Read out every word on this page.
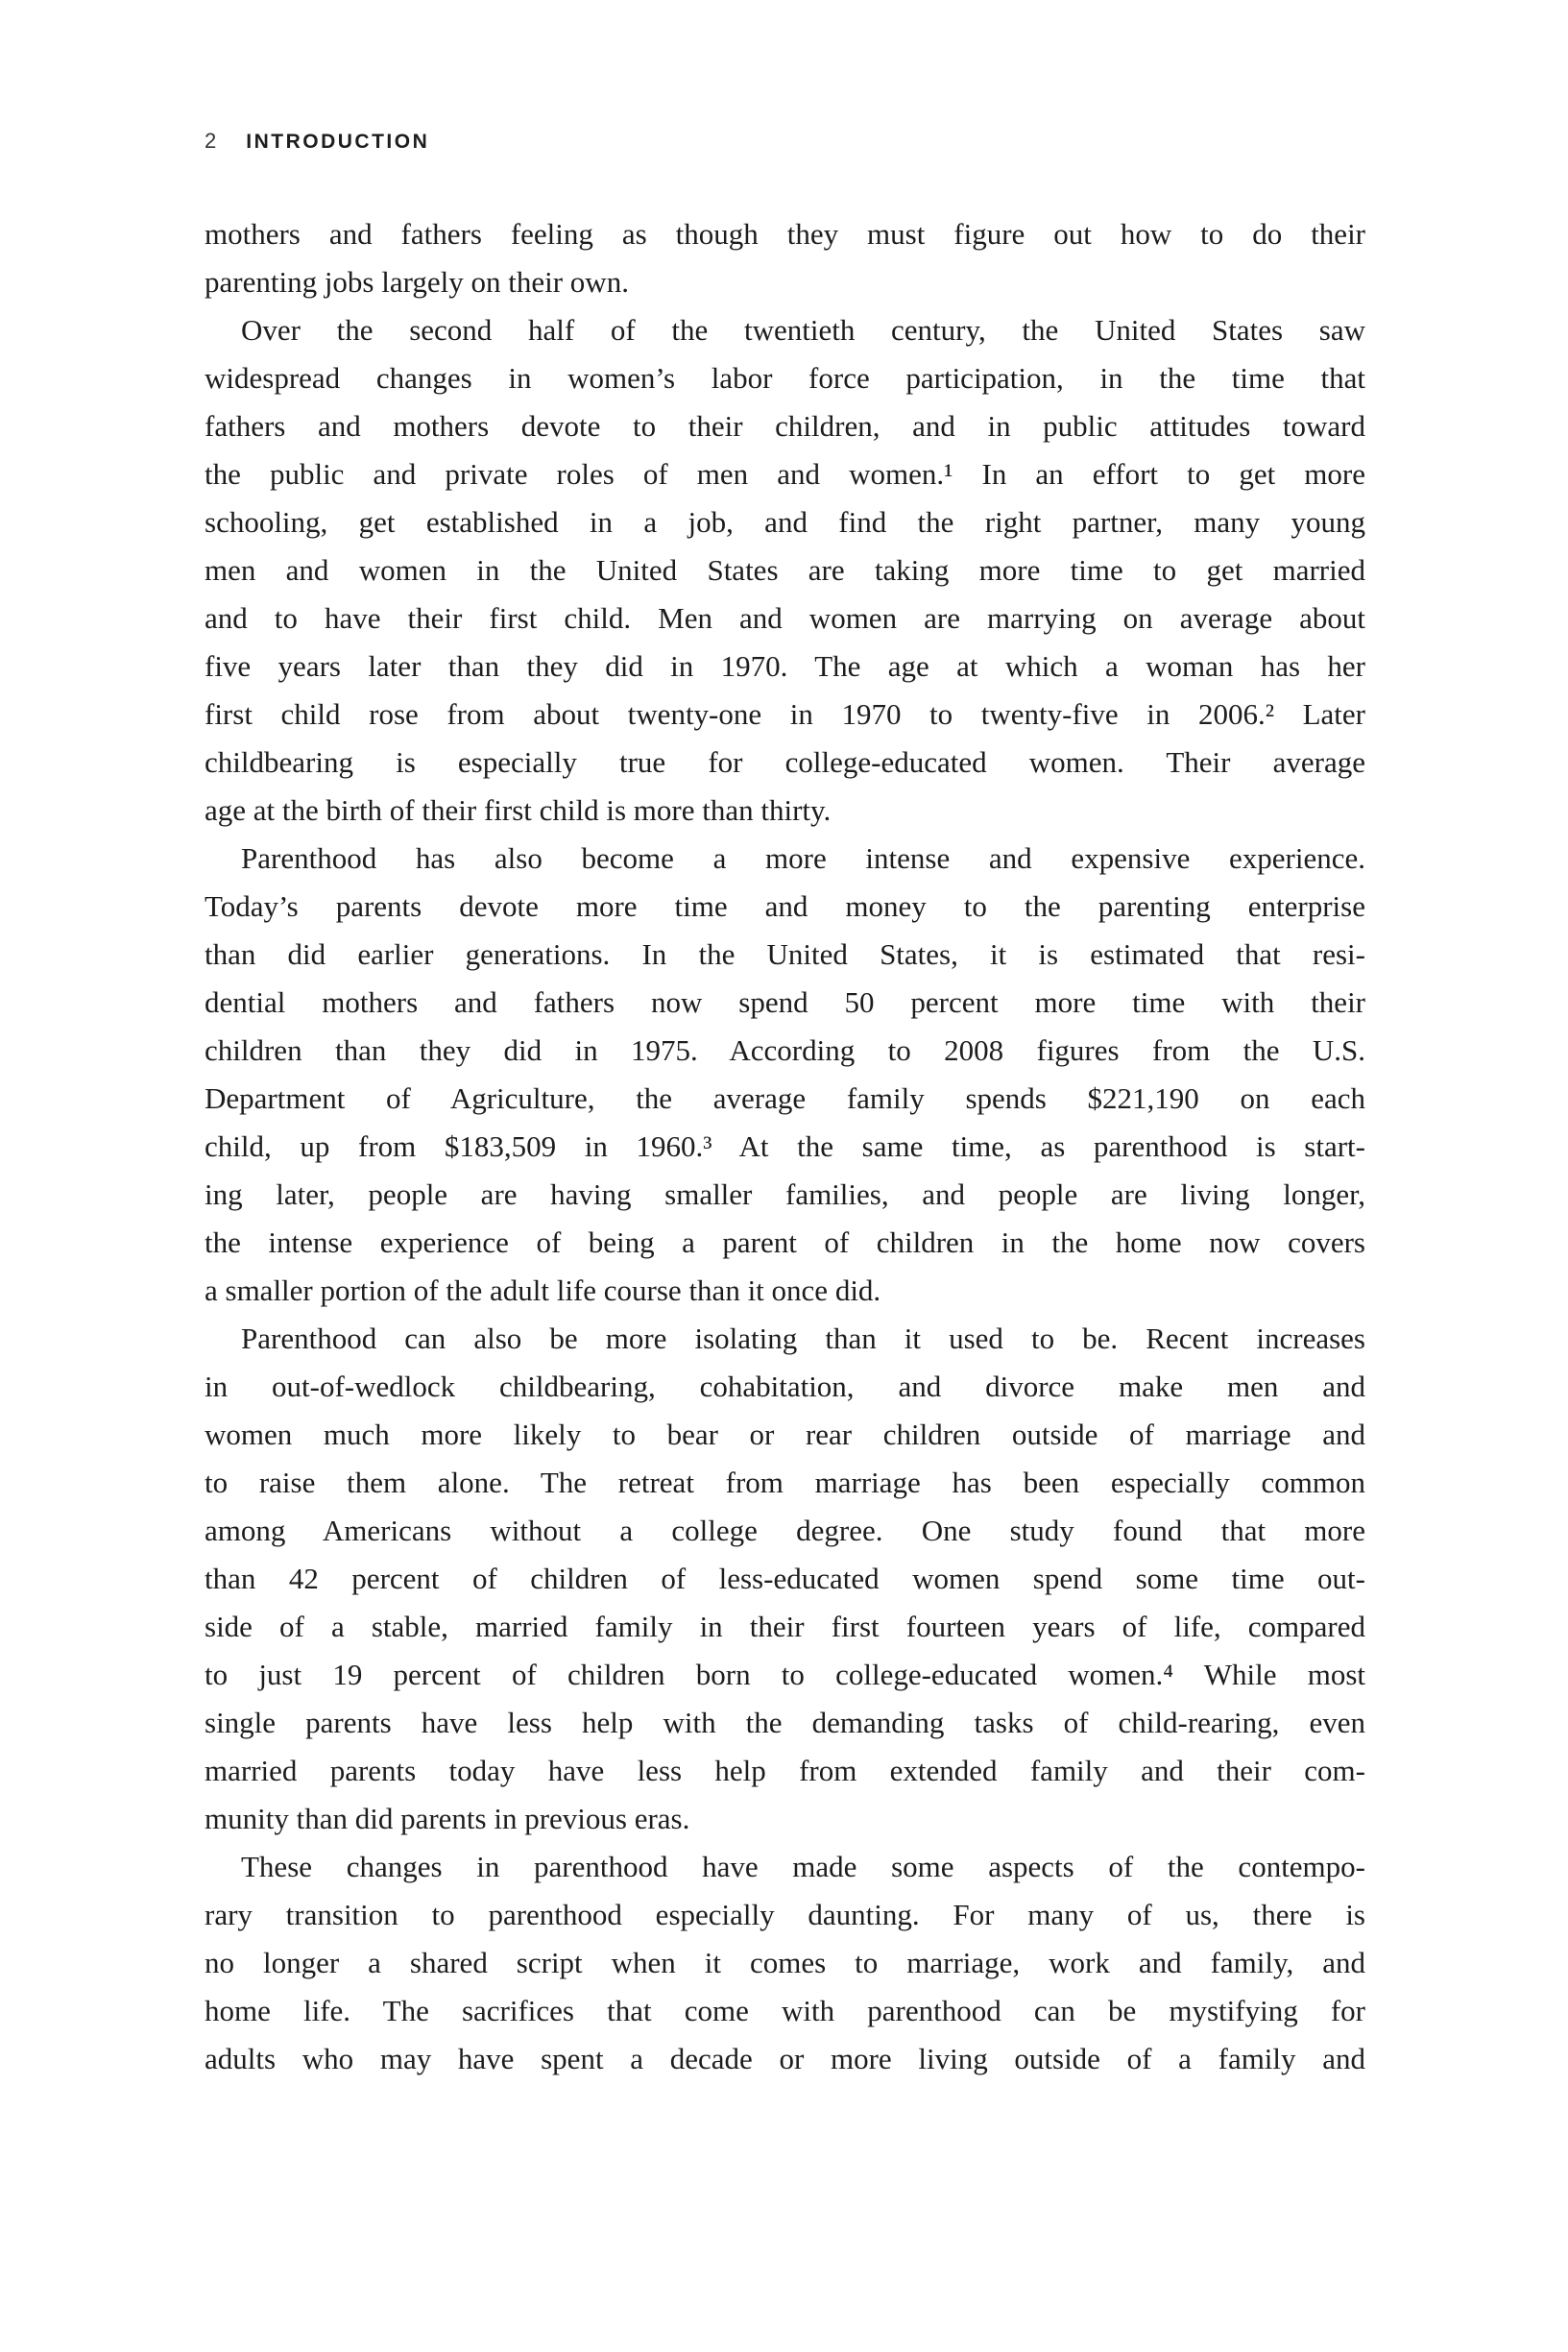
2 INTRODUCTION
mothers and fathers feeling as though they must figure out how to do their
parenting jobs largely on their own.
Over the second half of the twentieth century, the United States saw
widespread changes in women’s labor force participation, in the time that
fathers and mothers devote to their children, and in public attitudes toward
the public and private roles of men and women.¹ In an effort to get more
schooling, get established in a job, and find the right partner, many young
men and women in the United States are taking more time to get married
and to have their first child. Men and women are marrying on average about
five years later than they did in 1970. The age at which a woman has her
first child rose from about twenty-one in 1970 to twenty-five in 2006.² Later
childbearing is especially true for college-educated women. Their average
age at the birth of their first child is more than thirty.
Parenthood has also become a more intense and expensive experience.
Today’s parents devote more time and money to the parenting enterprise
than did earlier generations. In the United States, it is estimated that resi-
dential mothers and fathers now spend 50 percent more time with their
children than they did in 1975. According to 2008 figures from the U.S.
Department of Agriculture, the average family spends $221,190 on each
child, up from $183,509 in 1960.³ At the same time, as parenthood is start-
ing later, people are having smaller families, and people are living longer,
the intense experience of being a parent of children in the home now covers
a smaller portion of the adult life course than it once did.
Parenthood can also be more isolating than it used to be. Recent increases
in out-of-wedlock childbearing, cohabitation, and divorce make men and
women much more likely to bear or rear children outside of marriage and
to raise them alone. The retreat from marriage has been especially common
among Americans without a college degree. One study found that more
than 42 percent of children of less-educated women spend some time out-
side of a stable, married family in their first fourteen years of life, compared
to just 19 percent of children born to college-educated women.⁴ While most
single parents have less help with the demanding tasks of child-rearing, even
married parents today have less help from extended family and their com-
munity than did parents in previous eras.
These changes in parenthood have made some aspects of the contempo-
rary transition to parenthood especially daunting. For many of us, there is
no longer a shared script when it comes to marriage, work and family, and
home life. The sacrifices that come with parenthood can be mystifying for
adults who may have spent a decade or more living outside of a family and
